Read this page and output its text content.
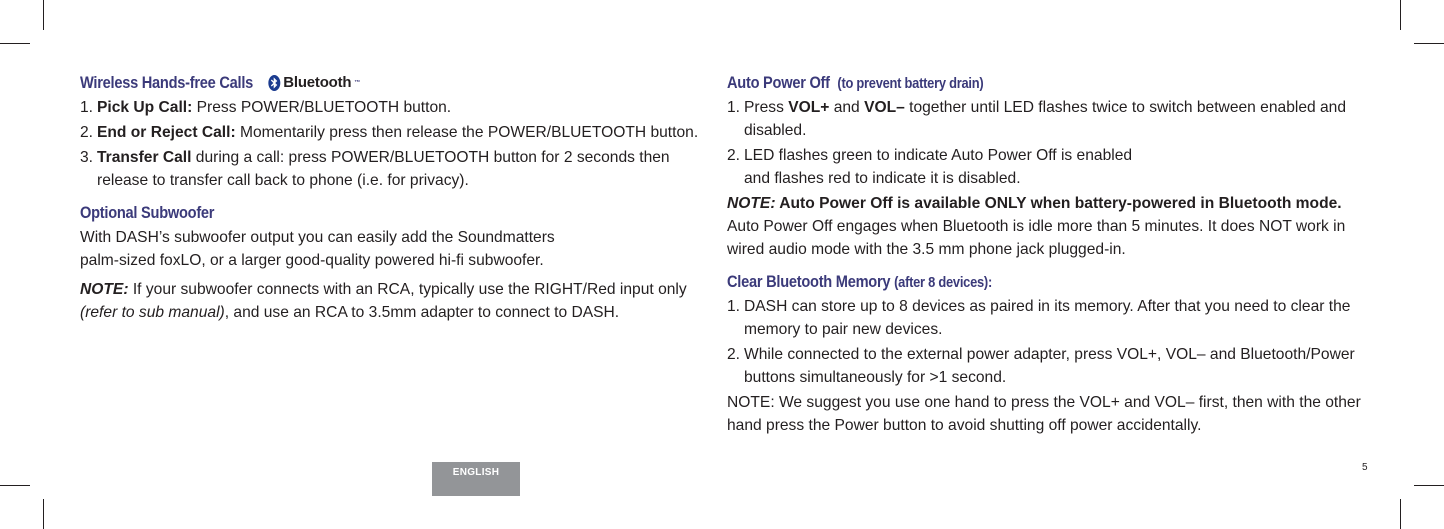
Wireless Hands-free Calls Bluetooth ™
1. Pick Up Call: Press POWER/BLUETOOTH button.
2. End or Reject Call: Momentarily press then release the POWER/BLUETOOTH button.
3. Transfer Call during a call: press POWER/BLUETOOTH button for 2 seconds then release to transfer call back to phone (i.e. for privacy).
Optional Subwoofer

With DASH’s subwoofer output you can easily add the Soundmatters

palm-sized foxLO, or a larger good-quality powered hi-fi subwoofer.

NOTE: If your subwoofer connects with an RCA, typically use the RIGHT/Red input only (refer to sub manual), and use an RCA to 3.5mm adapter to connect to DASH.

Auto Power Off (to prevent battery drain)
1. Press VOL+ and VOL– together until LED flashes twice to switch between enabled and disabled.
2. LED flashes green to indicate Auto Power Off is enabled
and flashes red to indicate it is disabled.

NOTE: Auto Power Off is available ONLY when battery-powered in Bluetooth mode. Auto Power Off engages when Bluetooth is idle more than 5 minutes. It does NOT work in wired audio mode with the 3.5 mm phone jack plugged-in.

Clear Bluetooth Memory (after 8 devices):
1. DASH can store up to 8 devices as paired in its memory. After that you need to clear the memory to pair new devices.
2. While connected to the external power adapter, press VOL+, VOL– and Bluetooth/Power buttons simultaneously for >1 second.

NOTE: We suggest you use one hand to press the VOL+ and VOL– first, then with the other hand press the Power button to avoid shutting off power accidentally.

ENGLISH	5
